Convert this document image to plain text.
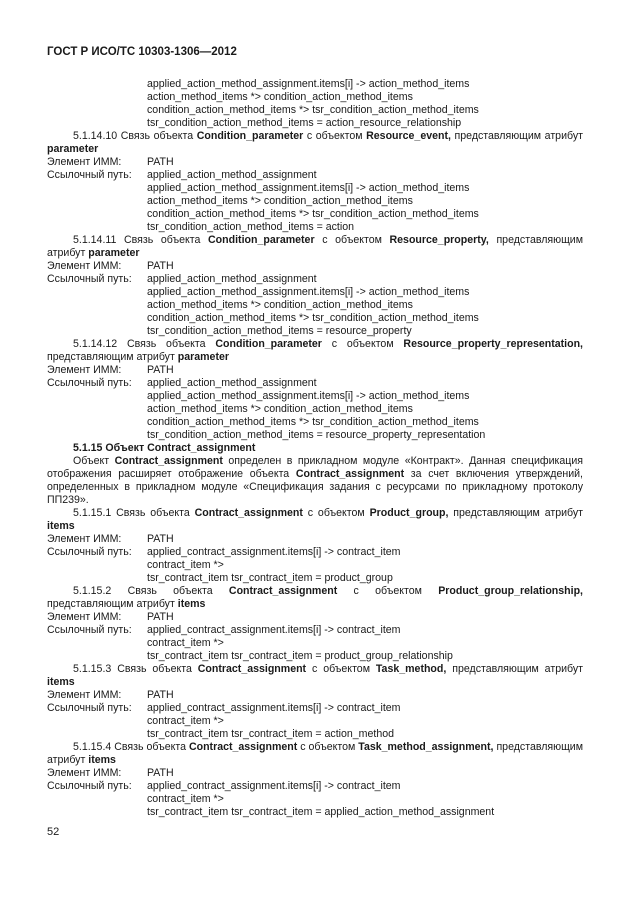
ГОСТ Р ИСО/ТС 10303-1306—2012
applied_action_method_assignment.items[i] -> action_method_items
action_method_items *> condition_action_method_items
condition_action_method_items *> tsr_condition_action_method_items
tsr_condition_action_method_items = action_resource_relationship
5.1.14.10 Связь объекта Condition_parameter с объектом Resource_event, представляющим атрибут parameter
Элемент ИММ:	PATH
Ссылочный путь:	applied_action_method_assignment
applied_action_method_assignment.items[i] -> action_method_items
action_method_items *> condition_action_method_items
condition_action_method_items *> tsr_condition_action_method_items
tsr_condition_action_method_items = action
5.1.14.11 Связь объекта Condition_parameter с объектом Resource_property, представляющим атрибут parameter
Элемент ИММ:	PATH
Ссылочный путь:	applied_action_method_assignment
applied_action_method_assignment.items[i] -> action_method_items
action_method_items *> condition_action_method_items
condition_action_method_items *> tsr_condition_action_method_items
tsr_condition_action_method_items = resource_property
5.1.14.12 Связь объекта Condition_parameter с объектом Resource_property_representation, представляющим атрибут parameter
Элемент ИММ:	PATH
Ссылочный путь:	applied_action_method_assignment
applied_action_method_assignment.items[i] -> action_method_items
action_method_items *> condition_action_method_items
condition_action_method_items *> tsr_condition_action_method_items
tsr_condition_action_method_items = resource_property_representation
5.1.15 Объект Contract_assignment
Объект Contract_assignment определен в прикладном модуле «Контракт». Данная спецификация отображения расширяет отображение объекта Contract_assignment за счет включения утверждений, определенных в прикладном модуле «Спецификация задания с ресурсами по прикладному протоколу ПП239».
5.1.15.1 Связь объекта Contract_assignment с объектом Product_group, представляющим атрибут items
Элемент ИММ:	PATH
Ссылочный путь:	applied_contract_assignment.items[i] -> contract_item
contract_item *>
tsr_contract_item tsr_contract_item = product_group
5.1.15.2 Связь объекта Contract_assignment с объектом Product_group_relationship, представляющим атрибут items
Элемент ИММ:	PATH
Ссылочный путь:	applied_contract_assignment.items[i] -> contract_item
contract_item *>
tsr_contract_item tsr_contract_item = product_group_relationship
5.1.15.3 Связь объекта Contract_assignment с объектом Task_method, представляющим атрибут items
Элемент ИММ:	PATH
Ссылочный путь:	applied_contract_assignment.items[i] -> contract_item
contract_item *>
tsr_contract_item tsr_contract_item = action_method
5.1.15.4 Связь объекта Contract_assignment с объектом Task_method_assignment, представляющим атрибут items
Элемент ИММ:	PATH
Ссылочный путь:	applied_contract_assignment.items[i] -> contract_item
contract_item *>
tsr_contract_item tsr_contract_item = applied_action_method_assignment
52
